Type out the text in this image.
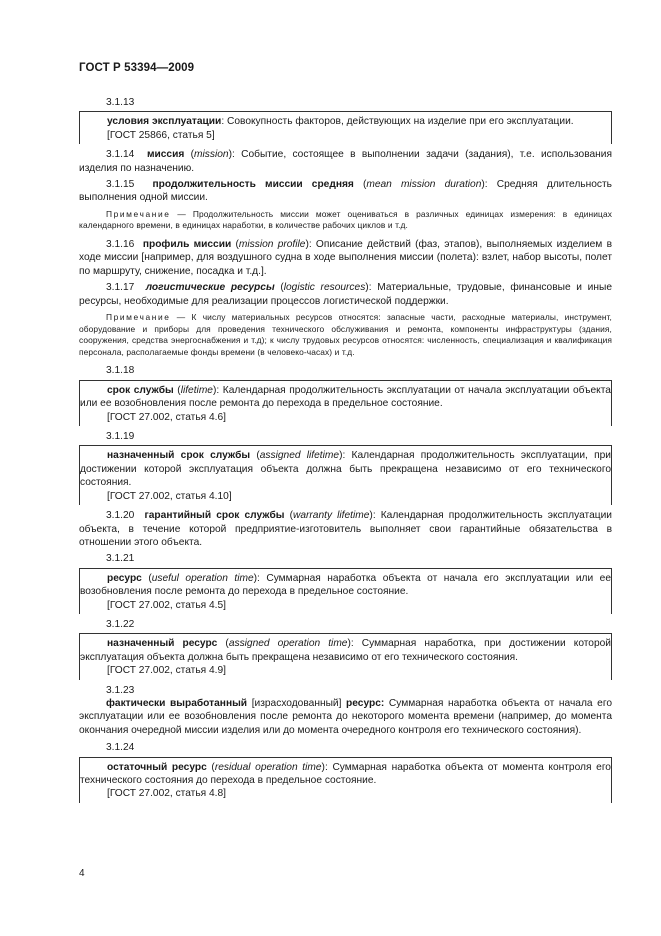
ГОСТ Р 53394—2009

3.1.13

условия эксплуатации: Совокупность факторов, действующих на изделие при его эксплуатации.

[ГОСТ 25866, статья 5]

3.1.14 миссия (mission): Событие, состоящее в выполнении задачи (задания), т.е. использования изделия по назначению.

3.1.15 продолжительность миссии средняя (mean mission duration): Средняя длительность выполнения одной миссии.

Примечание — Продолжительность миссии может оцениваться в различных единицах измерения: в единицах календарного времени, в единицах наработки, в количестве рабочих циклов и т.д.

3.1.16 профиль миссии (mission profile): Описание действий (фаз, этапов), выполняемых изделием в ходе миссии [например, для воздушного судна в ходе выполнения миссии (полета): взлет, набор высоты, полет по маршруту, снижение, посадка и т.д.].

3.1.17 логистические ресурсы (logistic resources): Материальные, трудовые, финансовые и иные ресурсы, необходимые для реализации процессов логистической поддержки.

Примечание — К числу материальных ресурсов относятся: запасные части, расходные материалы, инструмент, оборудование и приборы для проведения технического обслуживания и ремонта, компоненты инфраструктуры (здания, сооружения, средства энергоснабжения и т.д); к числу трудовых ресурсов относятся: численность, специализация и квалификация персонала, располагаемые фонды времени (в человеко-часах) и т.д.

3.1.18

срок службы (lifetime): Календарная продолжительность эксплуатации от начала эксплуатации объекта или ее возобновления после ремонта до перехода в предельное состояние.

[ГОСТ 27.002, статья 4.6]

3.1.19

назначенный срок службы (assigned lifetime): Календарная продолжительность эксплуатации, при достижении которой эксплуатация объекта должна быть прекращена независимо от его технического состояния.

[ГОСТ 27.002, статья 4.10]

3.1.20 гарантийный срок службы (warranty lifetime): Календарная продолжительность эксплуатации объекта, в течение которой предприятие-изготовитель выполняет свои гарантийные обязательства в отношении этого объекта.

3.1.21

ресурс (useful operation time): Суммарная наработка объекта от начала его эксплуатации или ее возобновления после ремонта до перехода в предельное состояние.

[ГОСТ 27.002, статья 4.5]

3.1.22

назначенный ресурс (assigned operation time): Суммарная наработка, при достижении которой эксплуатация объекта должна быть прекращена независимо от его технического состояния.

[ГОСТ 27.002, статья 4.9]

3.1.23

фактически выработанный [израсходованный] ресурс: Суммарная наработка объекта от начала его эксплуатации или ее возобновления после ремонта до некоторого момента времени (например, до момента окончания очередной миссии изделия или до момента очередного контроля его технического состояния).

3.1.24

остаточный ресурс (residual operation time): Суммарная наработка объекта от момента контроля его технического состояния до перехода в предельное состояние.

[ГОСТ 27.002, статья 4.8]

4
